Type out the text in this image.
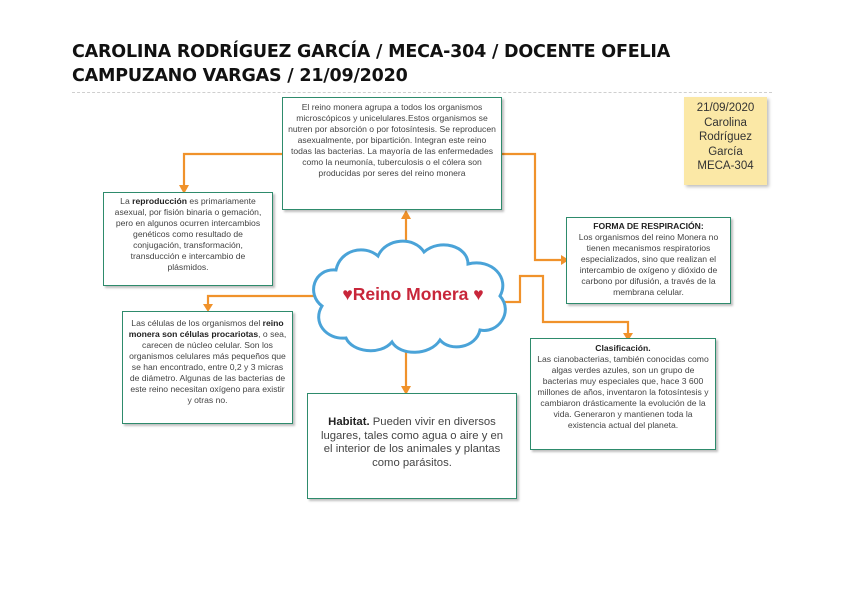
CAROLINA RODRÍGUEZ GARCÍA / MECA-304 / DOCENTE OFELIA
CAMPUZANO VARGAS / 21/09/2020
♥Reino Monera ♥
El reino monera agrupa a todos los organismos microscópicos y unicelulares.Estos organismos se nutren por absorción o por fotosíntesis. Se reproducen asexualmente, por bipartición. Integran este reino todas las bacterias. La mayoría de las enfermedades como la neumonía, tuberculosis o el cólera son producidas por seres del reino monera
La reproducción es primariamente asexual, por fisión binaria o gemación, pero en algunos ocurren intercambios genéticos como resultado de conjugación, transformación, transducción e intercambio de plásmidos.
FORMA DE RESPIRACIÓN:
Los organismos del reino Monera no tienen mecanismos respiratorios especializados, sino que realizan el intercambio de oxígeno y dióxido de carbono por difusión, a través de la membrana celular.
Las células de los organismos del reino monera son células procariotas, o sea, carecen de núcleo celular. Son los organismos celulares más pequeños que se han encontrado, entre 0,2 y 3 micras de diámetro. Algunas de las bacterias de este reino necesitan oxígeno para existir y otras no.
Clasificación.
Las cianobacterias, también conocidas como algas verdes azules, son un grupo de bacterias muy especiales que, hace 3 600 millones de años, inventaron la fotosíntesis y cambiaron drásticamente la evolución de la vida. Generaron y mantienen toda la existencia actual del planeta.
Habitat. Pueden vivir en diversos lugares, tales como agua o aire y en el interior de los animales y plantas como parásitos.
21/09/2020
Carolina
Rodríguez
García
MECA-304
